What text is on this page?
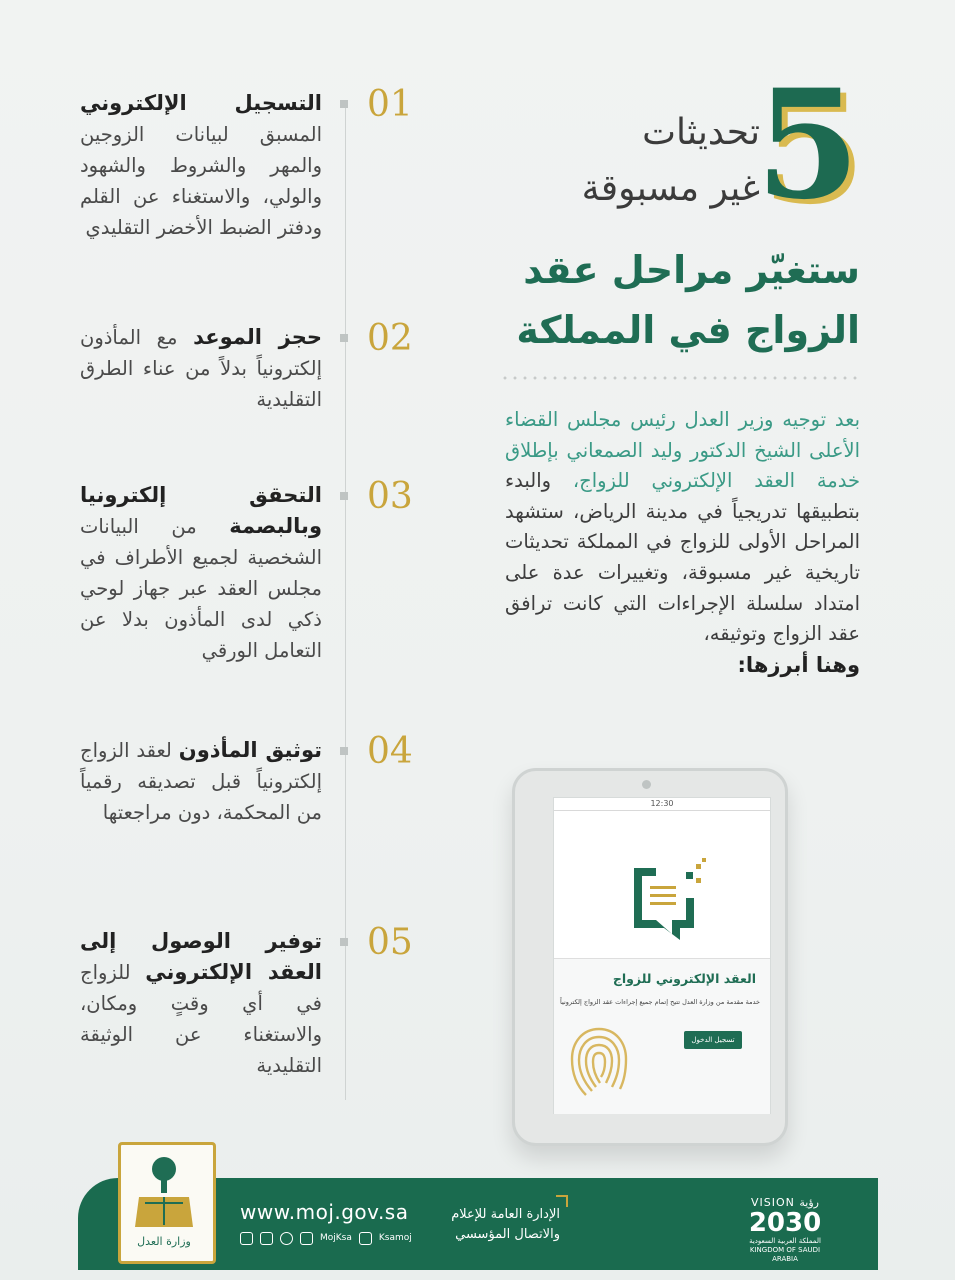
5
تحديثات
غير مسبوقة
ستغيّر مراحل عقد
الزواج في المملكة
بعد توجيه وزير العدل رئيس مجلس القضاء الأعلى الشيخ الدكتور وليد الصمعاني بإطلاق خدمة العقد الإلكتروني للزواج، والبدء بتطبيقها تدريجياً في مدينة الرياض، ستشهد المراحل الأولى للزواج في المملكة تحديثات تاريخية غير مسبوقة، وتغييرات عدة على امتداد سلسلة الإجراءات التي كانت ترافق عقد الزواج وتوثيقه،
وهنا أبرزها:
12:30
العقد الإلكتروني للزواج
خدمة مقدمة من وزارة العدل تتيح إتمام جميع إجراءات عقد الزواج إلكترونياً
تسجيل الدخول
01
التسجيل الإلكتروني المسبق لبيانات الزوجين والمهر والشروط والشهود والولي، والاستغناء عن القلم ودفتر الضبط الأخضر التقليدي
02
حجز الموعد مع المأذون إلكترونياً بدلاً من عناء الطرق التقليدية
03
التحقق إلكترونيا وبالبصمة من البيانات الشخصية لجميع الأطراف في مجلس العقد عبر جهاز لوحي ذكي لدى المأذون بدلا عن التعامل الورقي
04
توثيق المأذون لعقد الزواج إلكترونياً قبل تصديقه رقمياً من المحكمة، دون مراجعتها
05
توفير الوصول إلى العقد الإلكتروني للزواج في أي وقتٍ ومكان، والاستغناء عن الوثيقة التقليدية
وزارة العدل
www.moj.gov.sa
MojKsa	Ksamoj
الإدارة العامة للإعلام
والاتصال المؤسسي
VISION رؤية
2030
المملكة العربية السعودية
KINGDOM OF SAUDI ARABIA
